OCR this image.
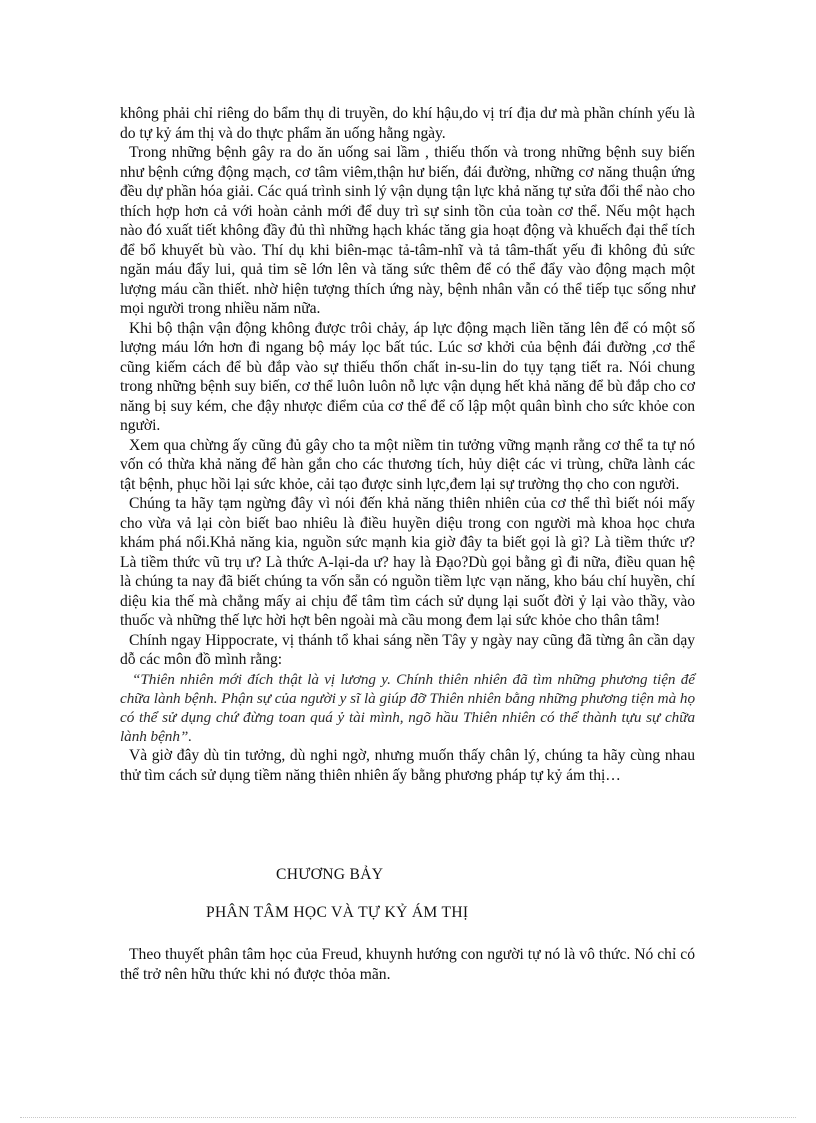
không phải chỉ riêng do bẩm thụ di truyền, do khí hậu,do vị trí địa dư mà phần chính yếu là do tự kỷ ám thị và do thực phẩm ăn uống hằng ngày.

Trong những bệnh gây ra do ăn uống sai lầm , thiếu thốn và trong những bệnh suy biến như bệnh cứng động mạch, cơ tâm viêm,thận hư biến, đái đường, những cơ năng thuận ứng đều dự phần hóa giải. Các quá trình sinh lý vận dụng tận lực khả năng tự sửa đổi thể nào cho thích hợp hơn cả với hoàn cảnh mới để duy trì sự sinh tồn của toàn cơ thể. Nếu một hạch nào đó xuất tiết không đầy đủ thì những hạch khác tăng gia hoạt động và khuếch đại thể tích để bổ khuyết bù vào. Thí dụ khi biên-mạc tả-tâm-nhĩ và tả tâm-thất yếu đi không đủ sức ngăn máu đẩy lui, quả tim sẽ lớn lên và tăng sức thêm để có thể đẩy vào động mạch một lượng máu cần thiết. nhờ hiện tượng thích ứng này, bệnh nhân vẫn có thể tiếp tục sống như mọi người trong nhiều năm nữa.

Khi bộ thận vận động không được trôi chảy, áp lực động mạch liền tăng lên để có một số lượng máu lớn hơn đi ngang bộ máy lọc bất túc. Lúc sơ khởi của bệnh đái đường ,cơ thể cũng kiếm cách để bù đắp vào sự thiếu thốn chất in-su-lin do tụy tạng tiết ra. Nói chung trong những bệnh suy biến, cơ thể luôn luôn nỗ lực vận dụng hết khả năng để bù đắp cho cơ năng bị suy kém, che đậy nhược điểm của cơ thể để cố lập một quân bình cho sức khỏe con người.

Xem qua chừng ấy cũng đủ gây cho ta một niềm tin tưởng vững mạnh rằng cơ thể ta tự nó vốn có thừa khả năng để hàn gắn cho các thương tích, hủy diệt các vi trùng, chữa lành các tật bệnh, phục hồi lại sức khỏe, cải tạo được sinh lực,đem lại sự trường thọ cho con người.

Chúng ta hãy tạm ngừng đây vì nói đến khả năng thiên nhiên của cơ thể thì biết nói mấy cho vừa vả lại còn biết bao nhiêu là điều huyền diệu trong con người mà khoa học chưa khám phá nổi.Khả năng kia, nguồn sức mạnh kia giờ đây ta biết gọi là gì? Là tiềm thức ư?Là tiềm thức vũ trụ ư? Là thức A-lại-da ư? hay là Đạo?Dù gọi bằng gì đi nữa, điều quan hệ là chúng ta nay đã biết chúng ta vốn sẵn có nguồn tiềm lực vạn năng, kho báu chí huyền, chí diệu kia thế mà chẳng mấy ai chịu để tâm tìm cách sử dụng lại suốt đời ỷ lại vào thầy, vào thuốc và những thế lực hời hợt bên ngoài mà cầu mong đem lại sức khỏe cho thân tâm!

Chính ngay Hippocrate, vị thánh tổ khai sáng nền Tây y ngày nay cũng đã từng ân cần dạy dỗ các môn đồ mình rằng:

“Thiên nhiên mới đích thật là vị lương y. Chính thiên nhiên đã tìm những phương tiện để chữa lành bệnh. Phận sự của người y sĩ là giúp đỡ Thiên nhiên bằng những phương tiện mà họ có thể sử dụng chứ đừng toan quá ỷ tài mình, ngõ hầu Thiên nhiên có thể thành tựu sự chữa lành bệnh”.

Và giờ đây dù tin tưởng, dù nghi ngờ, nhưng muốn thấy chân lý, chúng ta hãy cùng nhau thử tìm cách sử dụng tiềm năng thiên nhiên ấy bằng phương pháp tự kỷ ám thị…

CHƯƠNG BẢY
PHÂN TÂM HỌC VÀ TỰ KỶ ÁM THỊ

Theo thuyết phân tâm học của Freud, khuynh hướng con người tự nó là vô thức. Nó chỉ có thể trở nên hữu thức khi nó được thỏa mãn.
